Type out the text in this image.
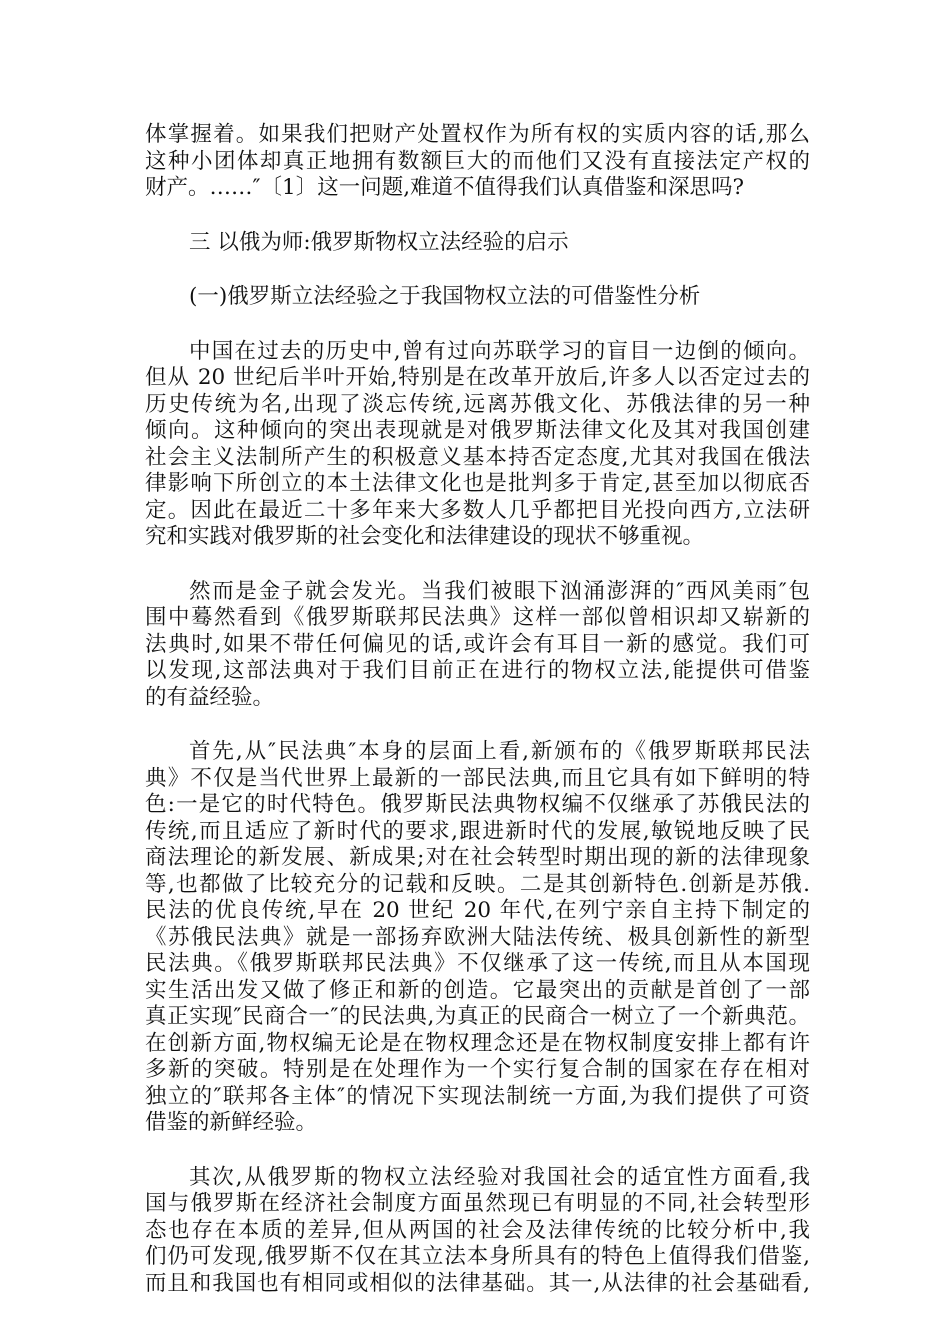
体掌握着。如果我们把财产处置权作为所有权的实质内容的话,那么
这种小团体却真正地拥有数额巨大的而他们又没有直接法定产权的
财产。……″〔1〕这一问题,难道不值得我们认真借鉴和深思吗?

三 以俄为师:俄罗斯物权立法经验的启示

(一)俄罗斯立法经验之于我国物权立法的可借鉴性分析

中国在过去的历史中,曾有过向苏联学习的盲目一边倒的倾向。
但从 20 世纪后半叶开始,特别是在改革开放后,许多人以否定过去的
历史传统为名,出现了淡忘传统,远离苏俄文化、苏俄法律的另一种
倾向。这种倾向的突出表现就是对俄罗斯法律文化及其对我国创建
社会主义法制所产生的积极意义基本持否定态度,尤其对我国在俄法
律影响下所创立的本土法律文化也是批判多于肯定,甚至加以彻底否
定。因此在最近二十多年来大多数人几乎都把目光投向西方,立法研
究和实践对俄罗斯的社会变化和法律建设的现状不够重视。

然而是金子就会发光。当我们被眼下汹涌澎湃的″西风美雨″包
围中蓦然看到《俄罗斯联邦民法典》这样一部似曾相识却又崭新的
法典时,如果不带任何偏见的话,或许会有耳目一新的感觉。我们可
以发现,这部法典对于我们目前正在进行的物权立法,能提供可借鉴
的有益经验。

首先,从″民法典″本身的层面上看,新颁布的《俄罗斯联邦民法
典》不仅是当代世界上最新的一部民法典,而且它具有如下鲜明的特
色:一是它的时代特色。俄罗斯民法典物权编不仅继承了苏俄民法的
传统,而且适应了新时代的要求,跟进新时代的发展,敏锐地反映了民
商法理论的新发展、新成果;对在社会转型时期出现的新的法律现象
等,也都做了比较充分的记载和反映。二是其创新特色.创新是苏俄.
民法的优良传统,早在 20 世纪 20 年代,在列宁亲自主持下制定的
《苏俄民法典》就是一部扬弃欧洲大陆法传统、极具创新性的新型
民法典。《俄罗斯联邦民法典》不仅继承了这一传统,而且从本国现
实生活出发又做了修正和新的创造。它最突出的贡献是首创了一部
真正实现″民商合一″的民法典,为真正的民商合一树立了一个新典范。
在创新方面,物权编无论是在物权理念还是在物权制度安排上都有许
多新的突破。特别是在处理作为一个实行复合制的国家在存在相对
独立的″联邦各主体″的情况下实现法制统一方面,为我们提供了可资
借鉴的新鲜经验。

其次,从俄罗斯的物权立法经验对我国社会的适宜性方面看,我
国与俄罗斯在经济社会制度方面虽然现已有明显的不同,社会转型形
态也存在本质的差异,但从两国的社会及法律传统的比较分析中,我
们仍可发现,俄罗斯不仅在其立法本身所具有的特色上值得我们借鉴,
而且和我国也有相同或相似的法律基础。其一,从法律的社会基础看,
